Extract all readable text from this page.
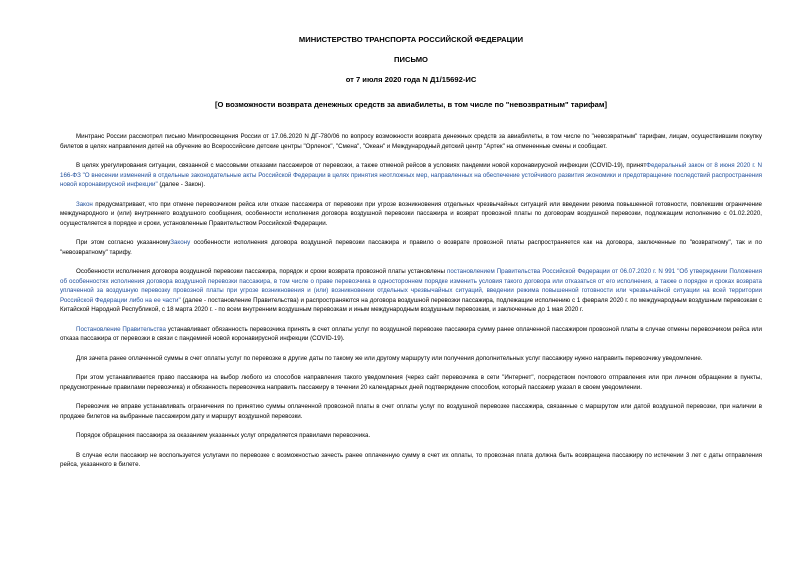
МИНИСТЕРСТВО ТРАНСПОРТА РОССИЙСКОЙ ФЕДЕРАЦИИ
ПИСЬМО
от 7 июля 2020 года N Д1/15692-ИС
[О возможности возврата денежных средств за авиабилеты, в том числе по "невозвратным" тарифам]

Минтранс России рассмотрел письмо Минпросвещения России от 17.06.2020 N ДГ-780/06 по вопросу возможности возврата денежных средств за авиабилеты, в том числе по "невозвратным" тарифам, лицам, осуществившим покупку билетов в целях направления детей на обучение во Всероссийские детские центры "Орленок", "Смена", "Океан" и Международный детский центр "Артек" на отмененные смены и сообщает.

В целях урегулирования ситуации, связанной с массовыми отказами пассажиров от перевозки, а также отменой рейсов в условиях пандемии новой коронавирусной инфекции (COVID-19), принятФедеральный закон от 8 июня 2020 г. N 166-ФЗ "О внесении изменений в отдельные законодательные акты Российской Федерации в целях принятия неотложных мер, направленных на обеспечение устойчивого развития экономики и предотвращение последствий распространения новой коронавирусной инфекции" (далее - Закон).

Закон предусматривает, что при отмене перевозчиком рейса или отказе пассажира от перевозки при угрозе возникновения отдельных чрезвычайных ситуаций или введении режима повышенной готовности, повлекшим ограничение международного и (или) внутреннего воздушного сообщения, особенности исполнения договора воздушной перевозки пассажира и возврат провозной платы по договорам воздушной перевозки, подлежащим исполнению с 01.02.2020, осуществляется в порядке и сроки, установленные Правительством Российской Федерации.

При этом согласно указанномуЗакону особенности исполнения договора воздушной перевозки пассажира и правило о возврате провозной платы распространяется как на договора, заключенные по "возвратному", так и по "невозвратному" тарифу.

Особенности исполнения договора воздушной перевозки пассажира, порядок и сроки возврата провозной платы установлены постановлением Правительства Российской Федерации от 06.07.2020 г. N 991 "Об утверждении Положения об особенностях исполнения договора воздушной перевозки пассажира, в том числе о праве перевозчика в одностороннем порядке изменить условия такого договора или отказаться от его исполнения, а также о порядке и сроках возврата уплаченной за воздушную перевозку провозной платы при угрозе возникновения и (или) возникновении отдельных чрезвычайных ситуаций, введении режима повышенной готовности или чрезвычайной ситуации на всей территории Российской Федерации либо на ее части" (далее - постановление Правительства) и распространяются на договора воздушной перевозки пассажира, подлежащие исполнению с 1 февраля 2020 г. по международным воздушным перевозкам с Китайской Народной Республикой, с 18 марта 2020 г. - по всем внутренним воздушным перевозкам и иным международным воздушным перевозкам, и заключенные до 1 мая 2020 г.

Постановление Правительства устанавливает обязанность перевозчика принять в счет оплаты услуг по воздушной перевозке пассажира сумму ранее оплаченной пассажиром провозной платы в случае отмены перевозчиком рейса или отказа пассажира от перевозки в связи с пандемией новой коронавирусной инфекции (COVID-19).

Для зачета ранее оплаченной суммы в счет оплаты услуг по перевозке в другие даты по такому же или другому маршруту или получения дополнительных услуг пассажиру нужно направить перевозчику уведомление.

При этом устанавливается право пассажира на выбор любого из способов направления такого уведомления (через сайт перевозчика в сети "Интернет", посредством почтового отправления или при личном обращении в пункты, предусмотренные правилами перевозчика) и обязанность перевозчика направить пассажиру в течении 20 календарных дней подтверждение способом, который пассажир указал в своем уведомлении.

Перевозчик не вправе устанавливать ограничения по принятию суммы оплаченной провозной платы в счет оплаты услуг по воздушной перевозке пассажира, связанные с маршрутом или датой воздушной перевозки, при наличии в продаже билетов на выбранные пассажиром дату и маршрут воздушной перевозки.

Порядок обращения пассажира за оказанием указанных услуг определяется правилами перевозчика.

В случае если пассажир не воспользуется услугами по перевозке с возможностью зачесть ранее оплаченную сумму в счет их оплаты, то провозная плата должна быть возвращена пассажиру по истечении 3 лет с даты отправления рейса, указанного в билете.
